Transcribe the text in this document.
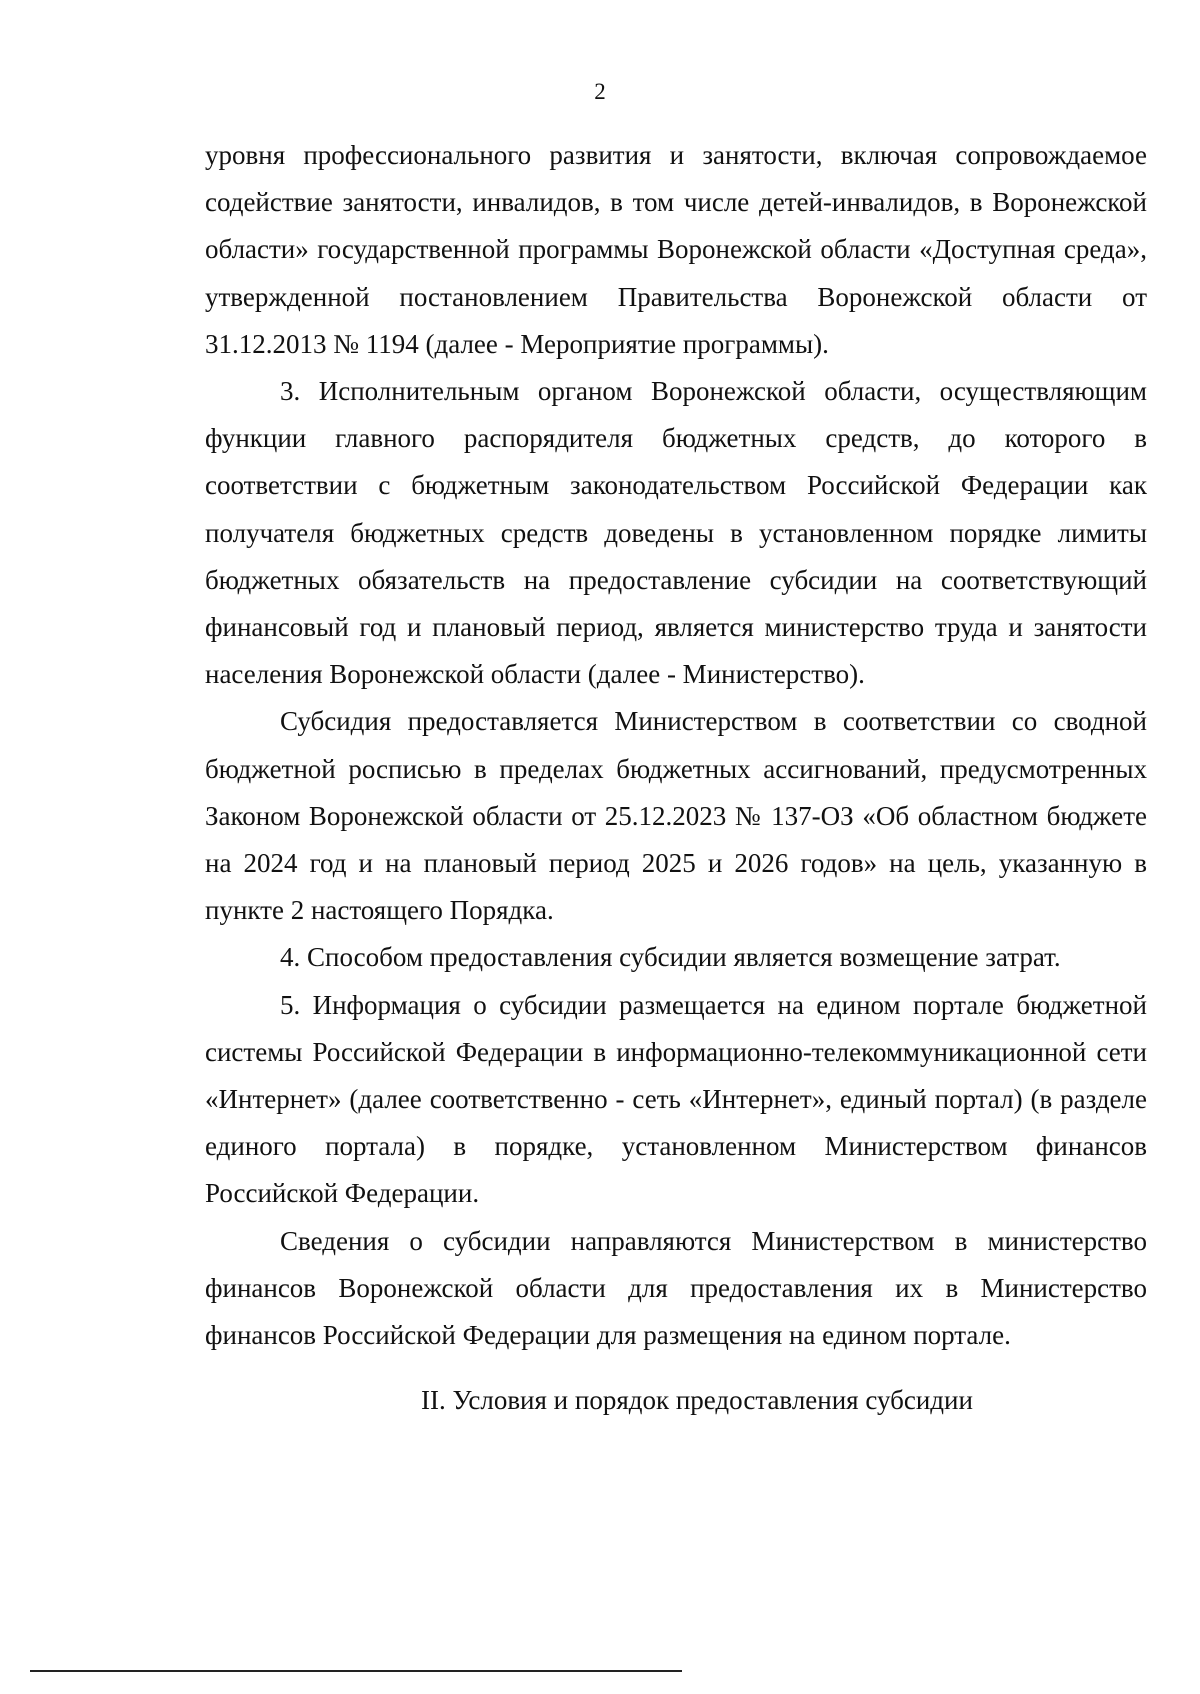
2

уровня профессионального развития и занятости, включая сопровождаемое содействие занятости, инвалидов, в том числе детей-инвалидов, в Воронежской области» государственной программы Воронежской области «Доступная среда», утвержденной постановлением Правительства Воронежской области от 31.12.2013 № 1194 (далее - Мероприятие программы).

3. Исполнительным органом Воронежской области, осуществляющим функции главного распорядителя бюджетных средств, до которого в соответствии с бюджетным законодательством Российской Федерации как получателя бюджетных средств доведены в установленном порядке лимиты бюджетных обязательств на предоставление субсидии на соответствующий финансовый год и плановый период, является министерство труда и занятости населения Воронежской области (далее - Министерство).

Субсидия предоставляется Министерством в соответствии со сводной бюджетной росписью в пределах бюджетных ассигнований, предусмотренных Законом Воронежской области от 25.12.2023 № 137-ОЗ «Об областном бюджете на 2024 год и на плановый период 2025 и 2026 годов» на цель, указанную в пункте 2 настоящего Порядка.

4. Способом предоставления субсидии является возмещение затрат.

5. Информация о субсидии размещается на едином портале бюджетной системы Российской Федерации в информационно-телекоммуникационной сети «Интернет» (далее соответственно - сеть «Интернет», единый портал) (в разделе единого портала) в порядке, установленном Министерством финансов Российской Федерации.

Сведения о субсидии направляются Министерством в министерство финансов Воронежской области для предоставления их в Министерство финансов Российской Федерации для размещения на едином портале.

II. Условия и порядок предоставления субсидии
